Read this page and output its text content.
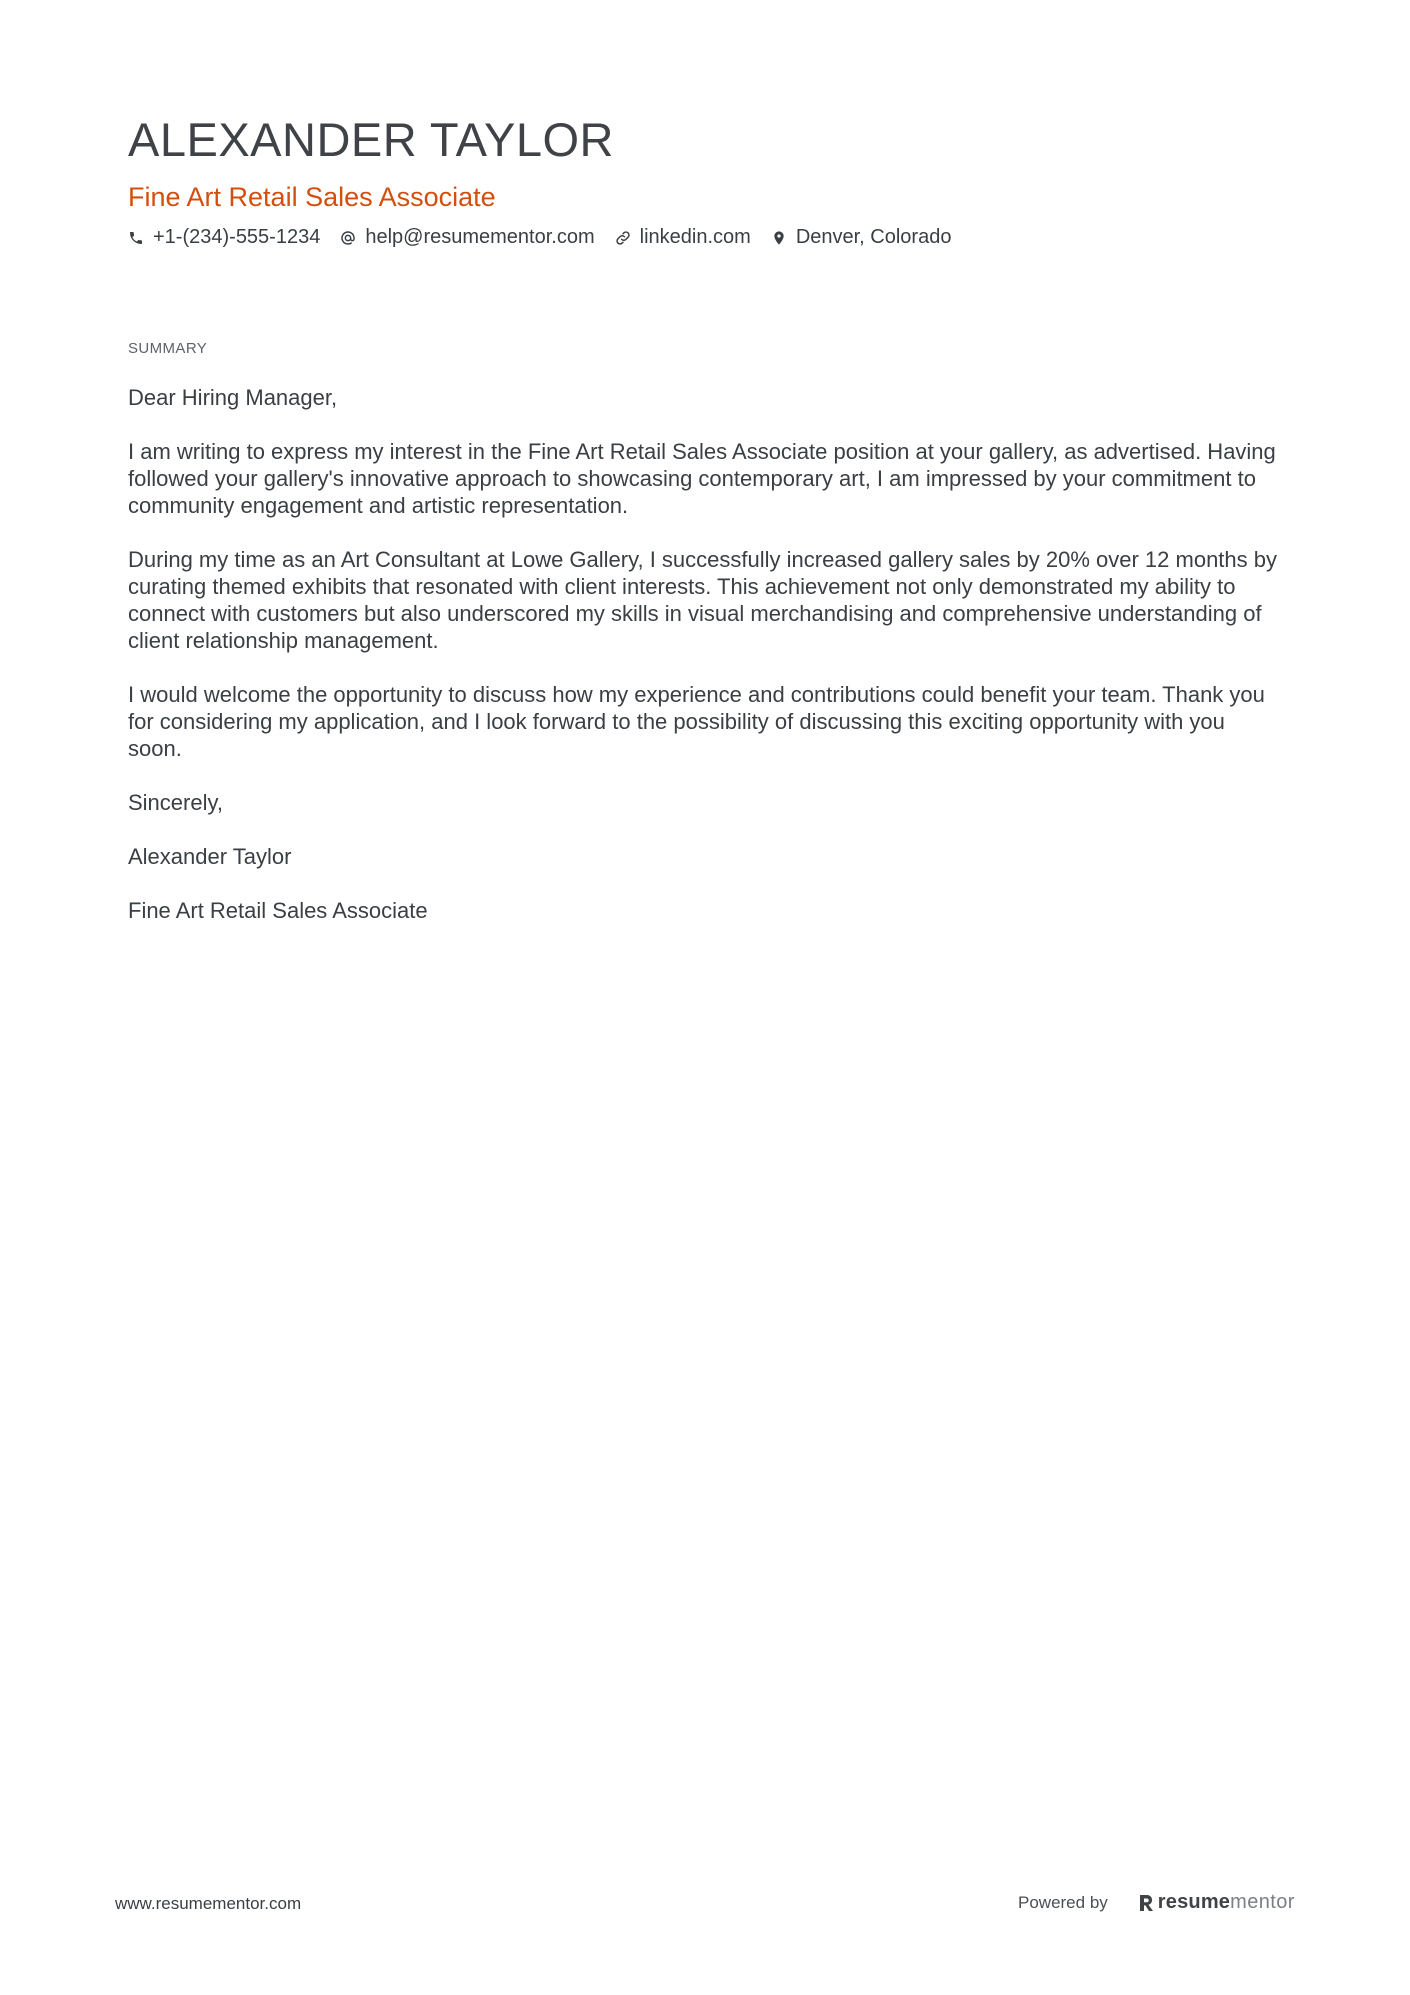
ALEXANDER TAYLOR
Fine Art Retail Sales Associate
+1-(234)-555-1234 help@resumementor.com linkedin.com Denver, Colorado
SUMMARY

Dear Hiring Manager,

I am writing to express my interest in the Fine Art Retail Sales Associate position at your gallery, as advertised. Having followed your gallery's innovative approach to showcasing contemporary art, I am impressed by your commitment to community engagement and artistic representation.

During my time as an Art Consultant at Lowe Gallery, I successfully increased gallery sales by 20% over 12 months by curating themed exhibits that resonated with client interests. This achievement not only demonstrated my ability to connect with customers but also underscored my skills in visual merchandising and comprehensive understanding of client relationship management.

I would welcome the opportunity to discuss how my experience and contributions could benefit your team. Thank you for considering my application, and I look forward to the possibility of discussing this exciting opportunity with you soon.

Sincerely,

Alexander Taylor

Fine Art Retail Sales Associate

www.resumementor.com	Powered by	resume mentor
